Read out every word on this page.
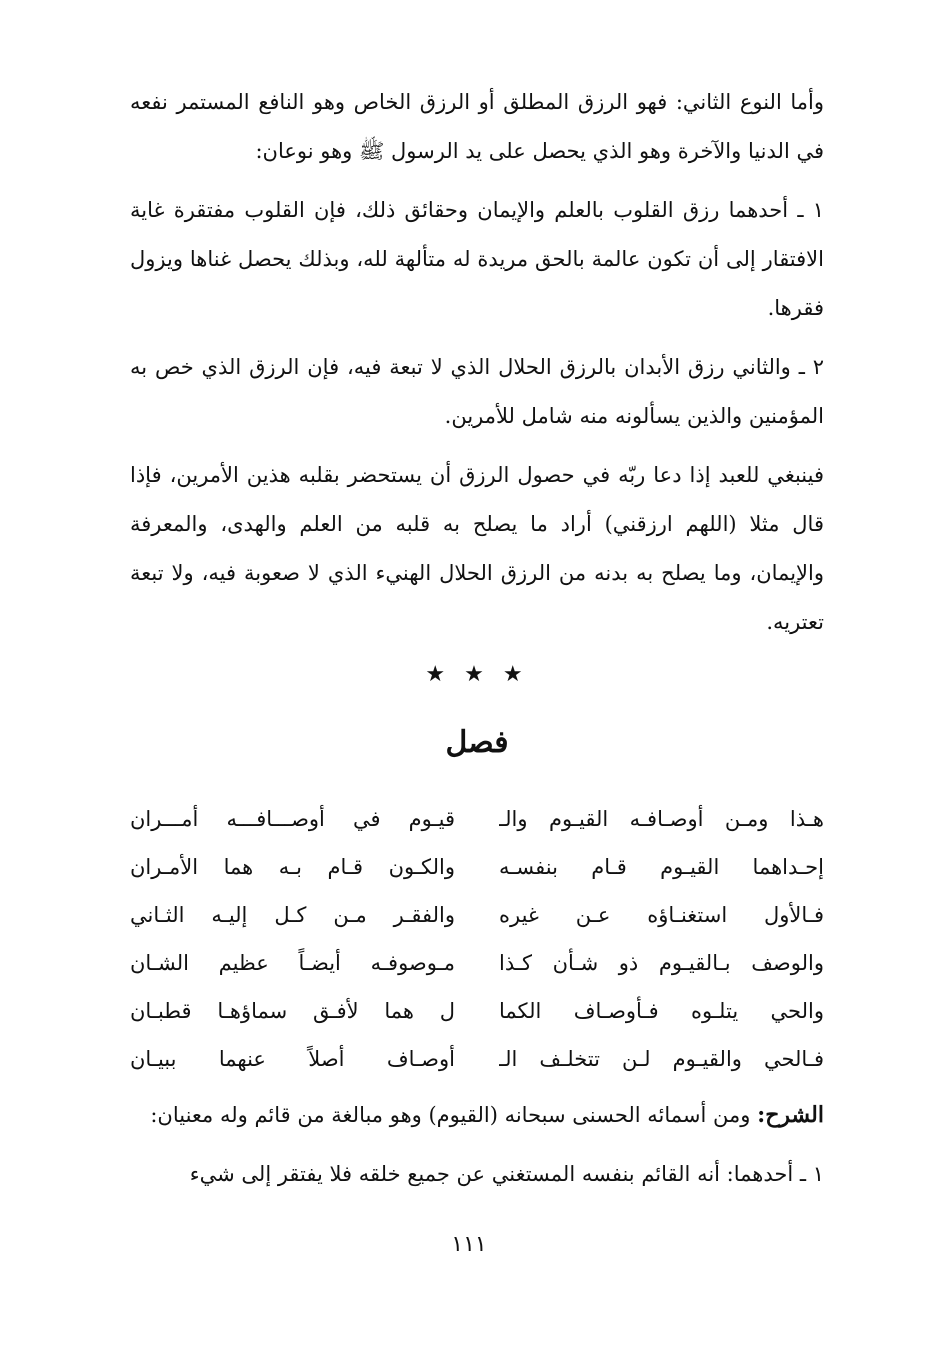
وأما النوع الثاني: فهو الرزق المطلق أو الرزق الخاص وهو النافع المستمر نفعه في الدنيا والآخرة وهو الذي يحصل على يد الرسول ﷺ وهو نوعان:

١ ـ أحدهما رزق القلوب بالعلم والإيمان وحقائق ذلك، فإن القلوب مفتقرة غاية الافتقار إلى أن تكون عالمة بالحق مريدة له متألهة لله، وبذلك يحصل غناها ويزول فقرها.

٢ ـ والثاني رزق الأبدان بالرزق الحلال الذي لا تبعة فيه، فإن الرزق الذي خص به المؤمنين والذين يسألونه منه شامل للأمرين.

فينبغي للعبد إذا دعا ربّه في حصول الرزق أن يستحضر بقلبه هذين الأمرين، فإذا قال مثلا (اللهم ارزقني) أراد ما يصلح به قلبه من العلم والهدى، والمعرفة والإيمان، وما يصلح به بدنه من الرزق الحلال الهنيء الذي لا صعوبة فيه، ولا تبعة تعتريه.

★ ★ ★
فصل
هـذا ومـن أوصـافـه القيـوم والـ
قيـوم في أوصـــافـــه أمـــران
إحـداهما القيـوم قـام بنفسـه
والكـون قـام بـه هما الأمـران
فـالأول استغنـاؤه عـن غيره
والفقـر مـن كـل إليـه الثـاني
والوصف بـالقيـوم ذو شـأن كـذا
مـوصوفـه أيضـاً عظيم الشـان
والحي يتلـوه فـأوصـاف الكما
ل هما لأفـق سماؤهـا قطبـان
فـالحي والقيـوم لـن تتخلـف الـ
أوصـاف أصلاً عنهما ببيـان

الشرح: ومن أسمائه الحسنى سبحانه (القيوم) وهو مبالغة من قائم وله معنيان:

١ ـ أحدهما: أنه القائم بنفسه المستغني عن جميع خلقه فلا يفتقر إلى شيء

١١١
